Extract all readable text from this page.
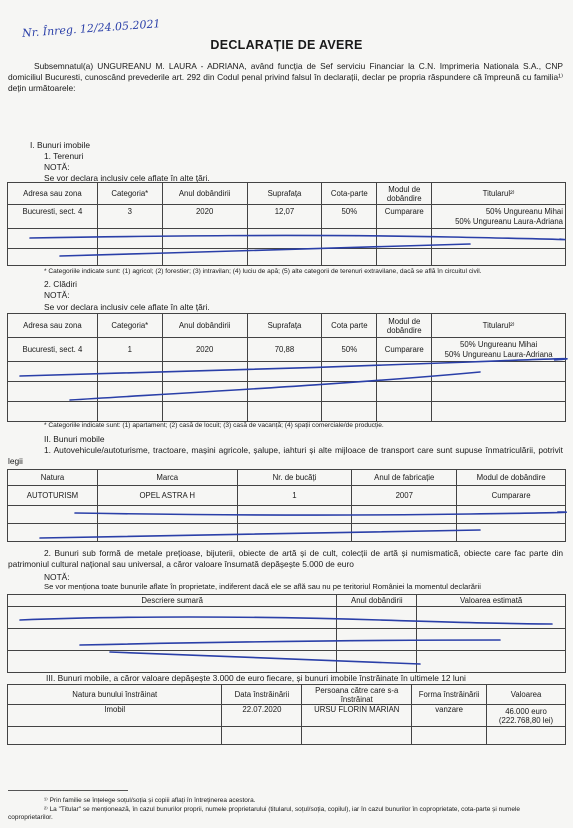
Nr. Înreg. 12/24.05.2021
DECLARAȚIE DE AVERE
Subsemnatul(a) UNGUREANU M. LAURA - ADRIANA, având funcția de Sef serviciu Financiar la C.N. Imprimeria Nationala S.A., CNP domiciliul Bucuresti, cunoscând prevederile art. 292 din Codul penal privind falsul în declarații, declar pe propria răspundere că împreună cu familia¹⁾ dețin următoarele:
I. Bunuri imobile
1. Terenuri
NOTĂ:
Se vor declara inclusiv cele aflate în alte țări.
Adresa sau zona	Categoria*	Anul dobândirii	Suprafața	Cota-parte	Modul de dobândire	Titularul²⁾
Bucuresti, sect. 4	3	2020	12,07	50%	Cumparare	50% Ungureanu Mihai
50% Ungureanu Laura-Adriana

* Categoriile indicate sunt: (1) agricol; (2) forestier; (3) intravilan; (4) luciu de apă; (5) alte categorii de terenuri extravilane, dacă se află în circuitul civil.
2. Clădiri
NOTĂ:
Se vor declara inclusiv cele aflate în alte țări.
Adresa sau zona	Categoria*	Anul dobândirii	Suprafața	Cota parte	Modul de dobândire	Titularul²⁾
Bucuresti, sect. 4	1	2020	70,88	50%	Cumparare	50% Ungureanu Mihai
50% Ungureanu Laura-Adriana

* Categoriile indicate sunt: (1) apartament; (2) casă de locuit; (3) casă de vacanță; (4) spații comerciale/de producție.
II. Bunuri mobile
1. Autovehicule/autoturisme, tractoare, mașini agricole, șalupe, iahturi și alte mijloace de transport care sunt supuse înmatriculării, potrivit legii
Natura	Marca	Nr. de bucăți	Anul de fabricație	Modul de dobândire
AUTOTURISM	OPEL ASTRA H	1	2007	Cumparare

2. Bunuri sub formă de metale prețioase, bijuterii, obiecte de artă și de cult, colecții de artă și numismatică, obiecte care fac parte din patrimoniul cultural național sau universal, a căror valoare însumată depășește 5.000 de euro
NOTĂ:
Se vor menționa toate bunurile aflate în proprietate, indiferent dacă ele se află sau nu pe teritoriul României la momentul declarării
Descriere sumară	Anul dobândirii	Valoarea estimată

III. Bunuri mobile, a căror valoare depășește 3.000 de euro fiecare, și bunuri imobile înstrăinate în ultimele 12 luni
Natura bunului înstrăinat	Data înstrăinării	Persoana către care s-a înstrăinat	Forma înstrăinării	Valoarea
Imobil	22.07.2020	URSU FLORIN MARIAN	vanzare	46.000 euro
(222.768,80 lei)

¹⁾ Prin familie se înțelege soțul/soția și copiii aflați în întreținerea acestora.
²⁾ La "Titular" se menționează, în cazul bunurilor proprii, numele proprietarului (titularul, soțul/soția, copilul), iar în cazul bunurilor în coproprietate, cota-parte și numele coproprietarilor.
